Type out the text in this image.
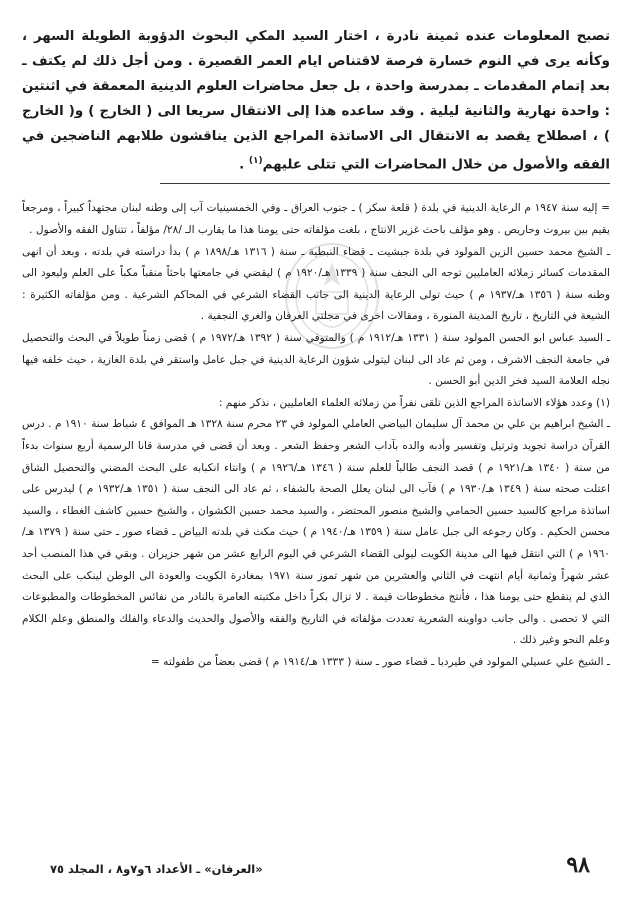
تصبح المعلومات عنده ثمينة نادرة ، اختار السيد المكي البحوث الدؤوبة الطويلة السهر ، وكأنه يرى في النوم خسارة فرصة لاقتناص ايام العمر القصيرة . ومن أجل ذلك لم يكتف ـ بعد إتمام المقدمات ـ بمدرسة واحدة ، بل جعل محاضرات العلوم الدينية المعمقة في اثنتين : واحدة نهارية والثانية ليلية . وقد ساعده هذا إلى الانتقال سريعا الى ( الخارج ) و( الخارج ) ، اصطلاح يقصد به الانتقال الى الاساتذة المراجع الذين يناقشون طلابهم الناضجين في الفقه والأصول من خلال المحاضرات التي تتلى عليهم$^{(١)}$ .

= إليه سنة ١٩٤٧ م الرعاية الدينية في بلدة ( قلعة سكر ) ـ جنوب العراق ـ وفي الخمسينيات آب إلى وطنه لبنان مجتهداً كبيراً ، ومرجعاً يقيم بين بيروت وحاريص . وهو مؤلف باحث غزير الانتاج ، بلغت مؤلفاته حتى يومنا هذا ما يقارب الـ /٢٨/ مؤلفاً ، تتناول الفقه والأصول .

ـ الشيخ محمد حسين الزين المولود في بلدة جبشيت ـ قضاء النبطية ـ سنة ( ١٣١٦ هـ/١٨٩٨ م ) بدأ دراسته في بلدته ، وبعد أن انهى المقدمات كسائر زملائه العامليين توجه الى النجف سنة ( ١٣٣٩ هـ/١٩٢٠ م ) ليقضي في جامعتها باحثاً منقباً مكباً على العلم وليعود الى وطنه سنة ( ١٣٥٦ هـ/١٩٣٧ م ) حيث تولى الرعاية الدينية الى جانب القضاء الشرعي في المحاكم الشرعية . ومن مؤلفاته الكثيرة : الشيعة في التاريخ ، تاريخ المدينة المنورة ، ومقالات اخرى في مجلتي العرفان والغري النجفية .

ـ السيد عباس ابو الحسن المولود سنة ( ١٣٣١ هـ/١٩١٢ م ) والمتوفي سنة ( ١٣٩٢ هـ/١٩٧٢ م ) قضى زمناً طويلاً في البحث والتحصيل في جامعة النجف الاشرف ، ومن ثم عاد الى لبنان ليتولى شؤون الرعاية الدينية في جبل عامل واستقر في بلدة الغازية ، حيث خلفه فيها نجله العلامة السيد فخر الدين أبو الحسن .

(١) وعدد هؤلاء الاساتذة المراجع الذين تلقى نفراً من زملائه العلماء العامليين ، نذكر منهم :

ـ الشيخ ابراهيم بن علي بن محمد آل سليمان البياضي العاملي المولود في ٢٣ محرم سنة ١٣٢٨ هـ الموافق ٤ شباط سنة ١٩١٠ م . درس القرآن دراسة تجويد وترتيل وتفسير وأدبه والده بآداب الشعر وحفظ الشعر . وبعد أن قضى في مدرسة قانا الرسمية أربع سنوات بدءاً من سنة ( ١٣٤٠ هـ/١٩٢١ م ) قصد النجف طالباً للعلم سنة ( ١٣٤٦ هـ/١٩٢٦ م ) وانتاء انكبابه على البحث المضني والتحصيل الشاق اعتلت صحته سنة ( ١٣٤٩ هـ/١٩٣٠ م ) فآب الى لبنان يعلل الصحة بالشفاء ، ثم عاد الى النجف سنة ( ١٣٥١ هـ/١٩٣٢ م ) ليدرس على اساتذة مراجع كالسيد حسين الحمامي والشيخ منصور المحتضر ، والسيد محمد حسين الكشوان ، والشيخ حسين كاشف الغطاء ، والسيد محسن الحكيم . وكان رجوعه الى جبل عامل سنة ( ١٣٥٩ هـ/١٩٤٠ م ) حيث مكث في بلدته البياض ـ قضاء صور ـ حتى سنة ( ١٣٧٩ هـ/١٩٦٠ م ) التي انتقل فيها الى مدينة الكويت ليولى القضاء الشرعي في اليوم الرابع عشر من شهر حزيران . وبقي في هذا المنصب أحد عشر شهراً وثمانية أيام انتهت في الثاني والعشرين من شهر تموز سنة ١٩٧١ بمغادرة الكويت والعودة الى الوطن لينكب على البحث الذي لم ينقطع حتى يومنا هذا ، فأنتج مخطوطات قيمة . لا تزال بكراً داخل مكتبته العامرة بالنادر من نفائس المخطوطات والمطبوعات التي لا تحصى . والى جانب دواوينه الشعرية تعددت مؤلفاته في التاريخ والفقه والأصول والحديث والدعاء والفلك والمنطق وعلم الكلام وعلم النحو وغير ذلك .

ـ الشيخ علي عسيلي المولود في طيردبا ـ قضاء صور ـ سنة ( ١٣٣٣ هـ/١٩١٤ م ) قضى بعضاً من طفولته =

٩٨
«العرفان» ـ الأعداد ٦و٧و٨ ، المجلد ٧٥
